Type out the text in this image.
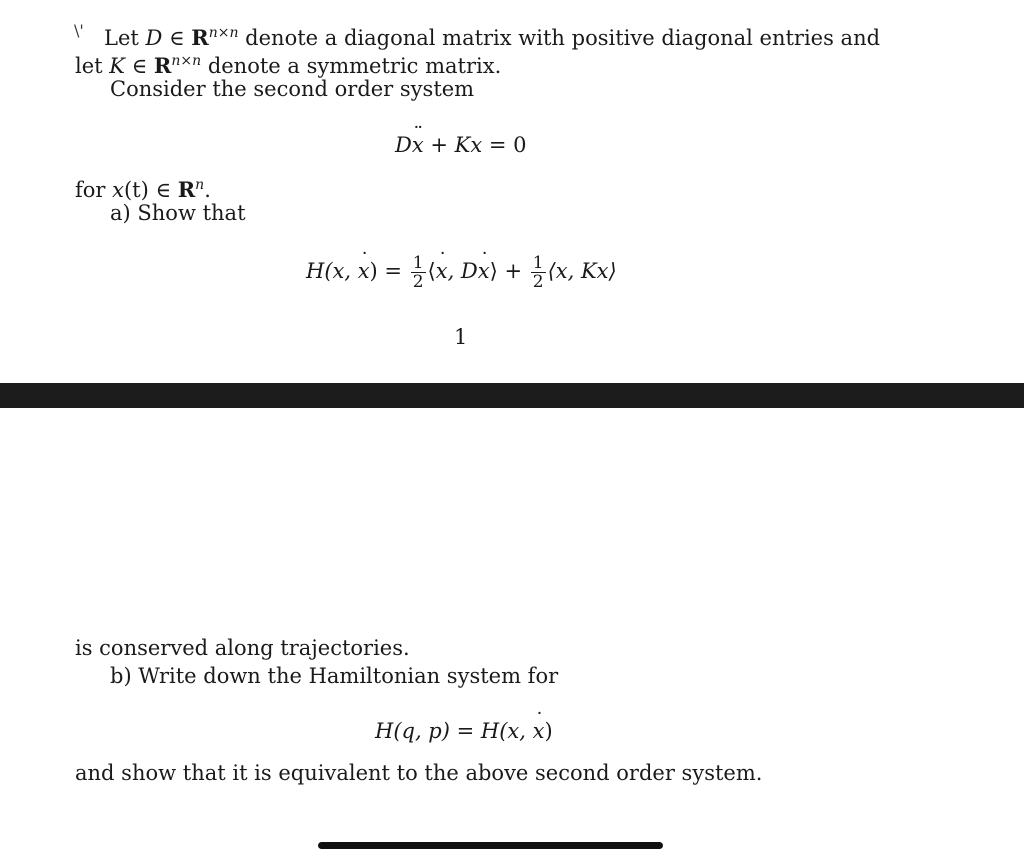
\' Let D ∈ $R^{n\times n}$ denote a diagonal matrix with positive diagonal entries and
let K ∈ $R^{n\times n}$ denote a symmetric matrix.
Consider the second order system
Dx ¨ + Kx = 0
for x(t) ∈ $R^n$.
a) Show that
H(x, x ˙) = $\frac{1}{2}$ ⟨x ˙, Dx ˙⟩ + $\frac{1}{2}$ ⟨x, Kx⟩
1
is conserved along trajectories.
b) Write down the Hamiltonian system for
H(q, p) = H(x, x ˙)
and show that it is equivalent to the above second order system.
